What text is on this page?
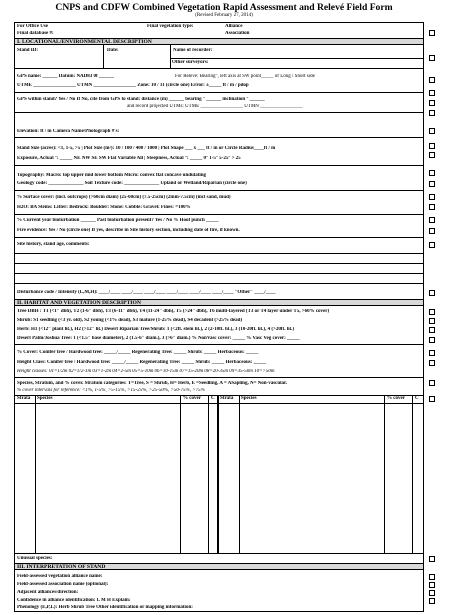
CNPS and CDFW Combined Vegetation Rapid Assessment and Relevé Field Form
(Revised February 27, 2014)
For Office Use	Final vegetation type:	Alliance
Final database #:	Association
I. LOCATIONAL/ENVIRONMENTAL DESCRIPTION
Stand ID:	Date:	Name of recorder:
Other surveyors:
GPS name: ______ Datum: NAD83 0f ______	For Relevé: Bearing°, left axis at SW point_____ of Long / Short side
UTME _________________ UTMN _________________ Zone: 10 / 11 (circle one) Error: ±_____ ft / m / pdop
GPS within stand? Yes / No If No, cite from GPS to stand: distance (m) ______ bearing ° ______ inclination ° ______
and record projected UTMs: UTME _________________ UTMN _________________
Elevation: ft / m Camera Name/Photograph #'s:
Stand Size (acres): <1, 1-5, >5 | Plot Size (m²): 10 / 100 / 400 / 1000 | Plot Shape ___ x ___ ft / m or Circle Radius____ft / m
Exposure, Actual °: _____ NE NW SE SW Flat Variable All | Steepness, Actual °: _____ 0° 1-5° 5-25° > 25
Topography: Macro: top upper mid lower bottom Micro: convex flat concave undulating
Geology code: ______________ Soil Texture code: ______________ Upland or Wetland/Riparian (circle one)
% Surface cover: (incl. outcrops) (>60cm diam) (25-60cm) (7.5-25cm) (2mm-7.5cm) (incl sand, mud)
H2O: BA Stems: Litter: Bedrock: Boulder: Stone: Cobble: Gravel: Fines: =100%
% Current year bioturbation ______ Past bioturbation present? Yes / No % Hoof punch _____
Fire evidence: Yes / No (circle one) If yes, describe in Site history section, including date of fire, if known.
Site history, stand age, comments:
Disturbance code / Intensity (L,M,H): ____/____ ____/____ ____/____ ____/____ ____/____ ____/____ "Other" ____/____
II. HABITAT AND VEGETATION DESCRIPTION
Tree DBH : T1 (<1" dbh), T2 (1-6" dbh), T3 (6-11" dbh), T4 (11-24" dbh), T5 (>24" dbh), T6 multi-layered (T3 or T4 layer under T5, >60% cover)
Shrub: S1 seedling (<3 yr. old), S2 young (<1% dead), S3 mature (1-25% dead), S4 decadent (>25% dead)
Herb: H1 (<12" plant ht.), H2 (>12" ht.) Desert Riparian Tree/Shrub: 1 (<2ft. stem ht.), 2 (2-10ft. ht.), 3 (10-20ft. ht.), 4 (>20ft. ht.)
Desert Palm/Joshua Tree: 1 (<1.5" base diameter), 2 (1.5-6" diam.), 3 (>6" diam.) % NonVasc cover: _____ % Vasc Veg cover: _____
% Cover: Conifer tree / Hardwood tree: _____/_____ Regenerating Tree: _____ Shrub: _____ Herbaceous: _____
Height Class: Conifer tree / Hardwood tree: _____/_____ Regenerating Tree: _____ Shrub: _____ Herbaceous: _____
Height classes: 01=1/2m 02=1/2-1m 03=1-2m 04=2-5m 05=5-10m 06=10-15m 07=15-20m 08=20-35m 09=35-50m 10=>50m
Species, Stratum, and % cover. Stratum categories: T=Tree, S = Shrub, H= Herb, E =Seedling, A = ASapling, N= Non-vascular.
% cover intervals for reference: <1%, 1-5%, >5-15%, >15-25%, >25-50%, >50-75%, >75%
Strata Species	% cover C Strata Species	% cover C
Unusual species:
III. INTERPRETATION OF STAND
Field-assessed vegetation alliance name:
Field-assessed association name (optional):
Adjacent alliances/direction:
Confidence in alliance identification: L M H Explain:
Phenology (E,P,L): Herb Shrub Tree Other identification or mapping information:
